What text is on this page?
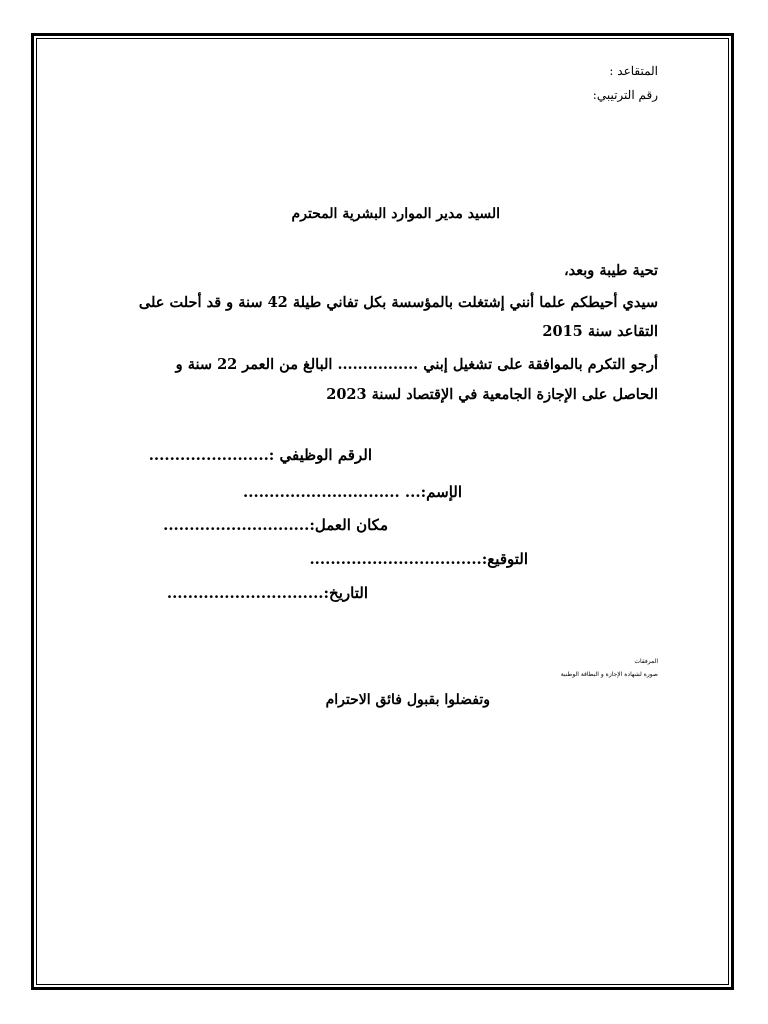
المتقاعد :
رقم الترتيبي:
السيد مدير الموارد البشرية المحترم
تحية طيبة وبعد،
سيدي أحيطكم علما أنني إشتغلت بالمؤسسة بكل تفاني طيلة 42 سنة و قد أحلت على
التقاعد سنة 2015
أرجو التكرم بالموافقة على تشغيل إبني ................ البالغ من العمر 22 سنة و
الحاصل على الإجازة الجامعية في الإقتصاد لسنة 2023
الرقم الوظيفي :.......................
الإسم:... ..............................
مكان العمل:............................
التوقيع:.................................
التاريخ:..............................
المرفقات
صورة لشهادة الإجازة و البطاقة الوطنية
وتفضلوا بقبول فائق الاحترام
